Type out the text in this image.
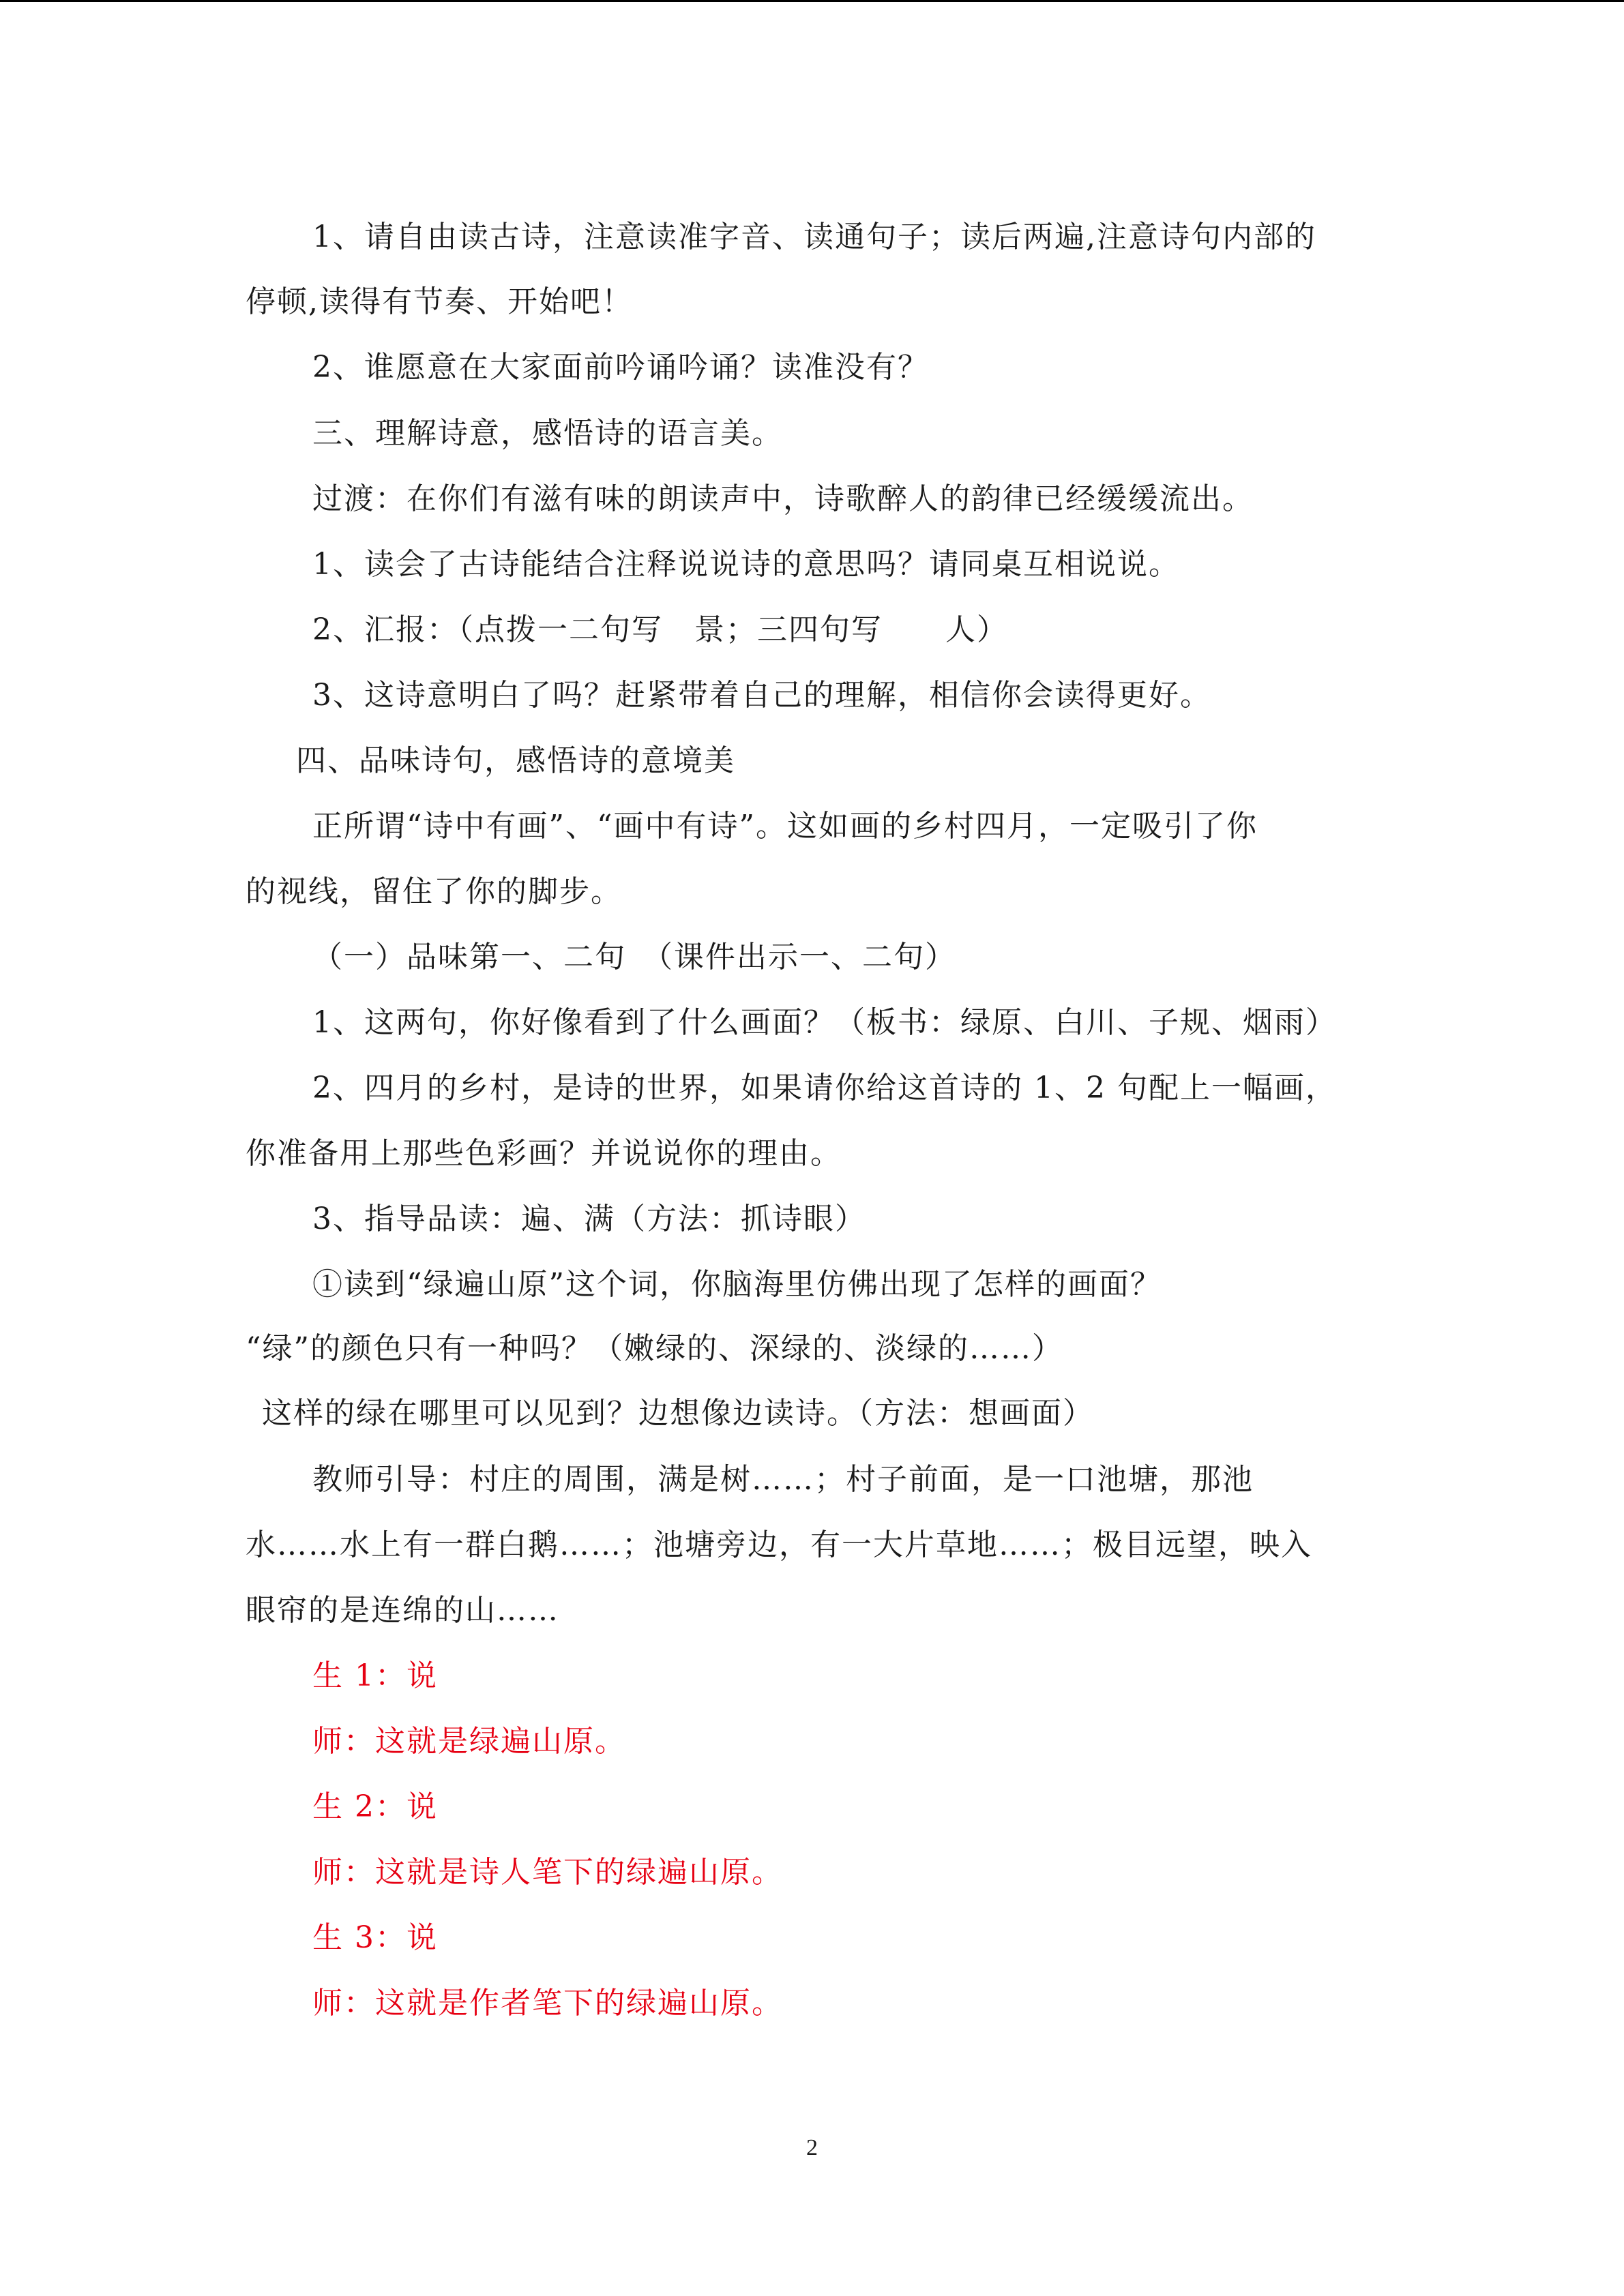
1、请自由读古诗，注意读准字音、读通句子；读后两遍,注意诗句内部的
停顿,读得有节奏、开始吧！
2、谁愿意在大家面前吟诵吟诵？读准没有？
三、理解诗意，感悟诗的语言美。
过渡：在你们有滋有味的朗读声中，诗歌醉人的韵律已经缓缓流出。
1、读会了古诗能结合注释说说诗的意思吗？请同桌互相说说。
2、汇报：（点拨一二句写　景；三四句写　　人）
3、这诗意明白了吗？赶紧带着自己的理解，相信你会读得更好。
四、品味诗句，感悟诗的意境美
正所谓“诗中有画”、“画中有诗”。这如画的乡村四月，一定吸引了你
的视线，留住了你的脚步。
（一）品味第一、二句　（课件出示一、二句）
1、这两句，你好像看到了什么画面？（板书：绿原、白川、子规、烟雨）
2、四月的乡村，是诗的世界，如果请你给这首诗的 1、2 句配上一幅画，
你准备用上那些色彩画？并说说你的理由。
3、指导品读：遍、满（方法：抓诗眼）
①读到“绿遍山原”这个词，你脑海里仿佛出现了怎样的画面？
“绿”的颜色只有一种吗？（嫩绿的、深绿的、淡绿的……）
这样的绿在哪里可以见到？边想像边读诗。（方法：想画面）
教师引导：村庄的周围，满是树……；村子前面，是一口池塘，那池
水……水上有一群白鹅……；池塘旁边，有一大片草地……；极目远望，映入
眼帘的是连绵的山……
生 1：说
师：这就是绿遍山原。
生 2：说
师：这就是诗人笔下的绿遍山原。
生 3：说
师：这就是作者笔下的绿遍山原。
2
